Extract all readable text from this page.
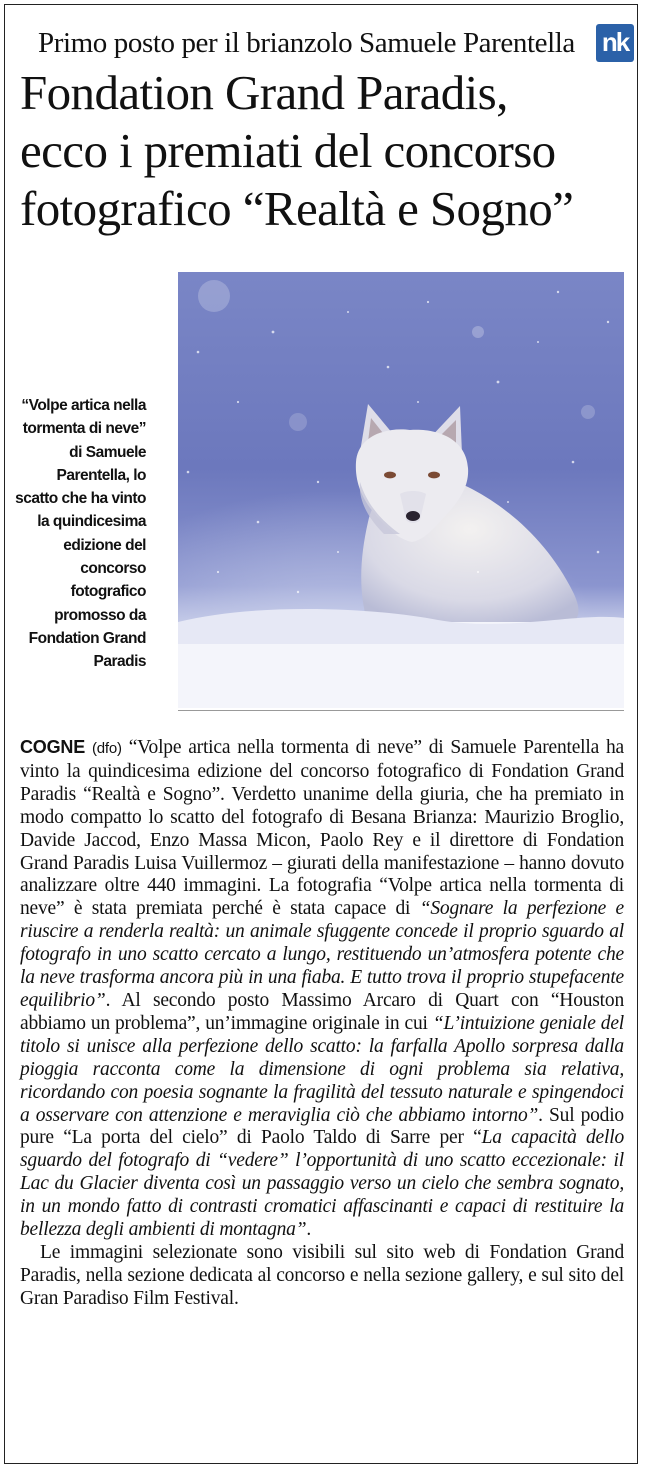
Primo posto per il brianzolo Samuele Parentella	nk
Fondation Grand Paradis,
ecco i premiati del concorso
fotografico “Realtà e Sogno”
“Volpe artica nella tormenta di neve” di Samuele Parentella, lo scatto che ha vinto la quindicesima edizione del concorso fotografico promosso da Fondation Grand Paradis

COGNE (dfo) “Volpe artica nella tormenta di neve” di Samuele Parentella ha vinto la quindicesima edizione del concorso fotografico di Fondation Grand Paradis “Realtà e Sogno”. Verdetto unanime della giuria, che ha premiato in modo compatto lo scatto del fotografo di Besana Brianza: Maurizio Broglio, Davide Jaccod, Enzo Massa Micon, Paolo Rey e il direttore di Fondation Grand Paradis Luisa Vuillermoz – giurati della manifestazione – hanno dovuto analizzare oltre 440 immagini. La fotografia “Volpe artica nella tormenta di neve” è stata premiata perché è stata capace di “Sognare la perfezione e riuscire a renderla realtà: un animale sfuggente concede il proprio sguardo al fotografo in uno scatto cercato a lungo, restituendo un’atmosfera potente che la neve trasforma ancora più in una fiaba. E tutto trova il proprio stupefacente equilibrio”. Al secondo posto Massimo Arcaro di Quart con “Houston abbiamo un problema”, un’immagine originale in cui “L’intuizione geniale del titolo si unisce alla perfezione dello scatto: la farfalla Apollo sorpresa dalla pioggia racconta come la dimensione di ogni problema sia relativa, ricordando con poesia sognante la fragilità del tessuto naturale e spingendoci a osservare con attenzione e meraviglia ciò che abbiamo intorno”. Sul podio pure “La porta del cielo” di Paolo Taldo di Sarre per “La capacità dello sguardo del fotografo di “vedere” l’opportunità di uno scatto eccezionale: il Lac du Glacier diventa così un passaggio verso un cielo che sembra sognato, in un mondo fatto di contrasti cromatici affascinanti e capaci di restituire la bellezza degli ambienti di montagna”.

Le immagini selezionate sono visibili sul sito web di Fondation Grand Paradis, nella sezione dedicata al concorso e nella sezione gallery, e sul sito del Gran Paradiso Film Festival.
